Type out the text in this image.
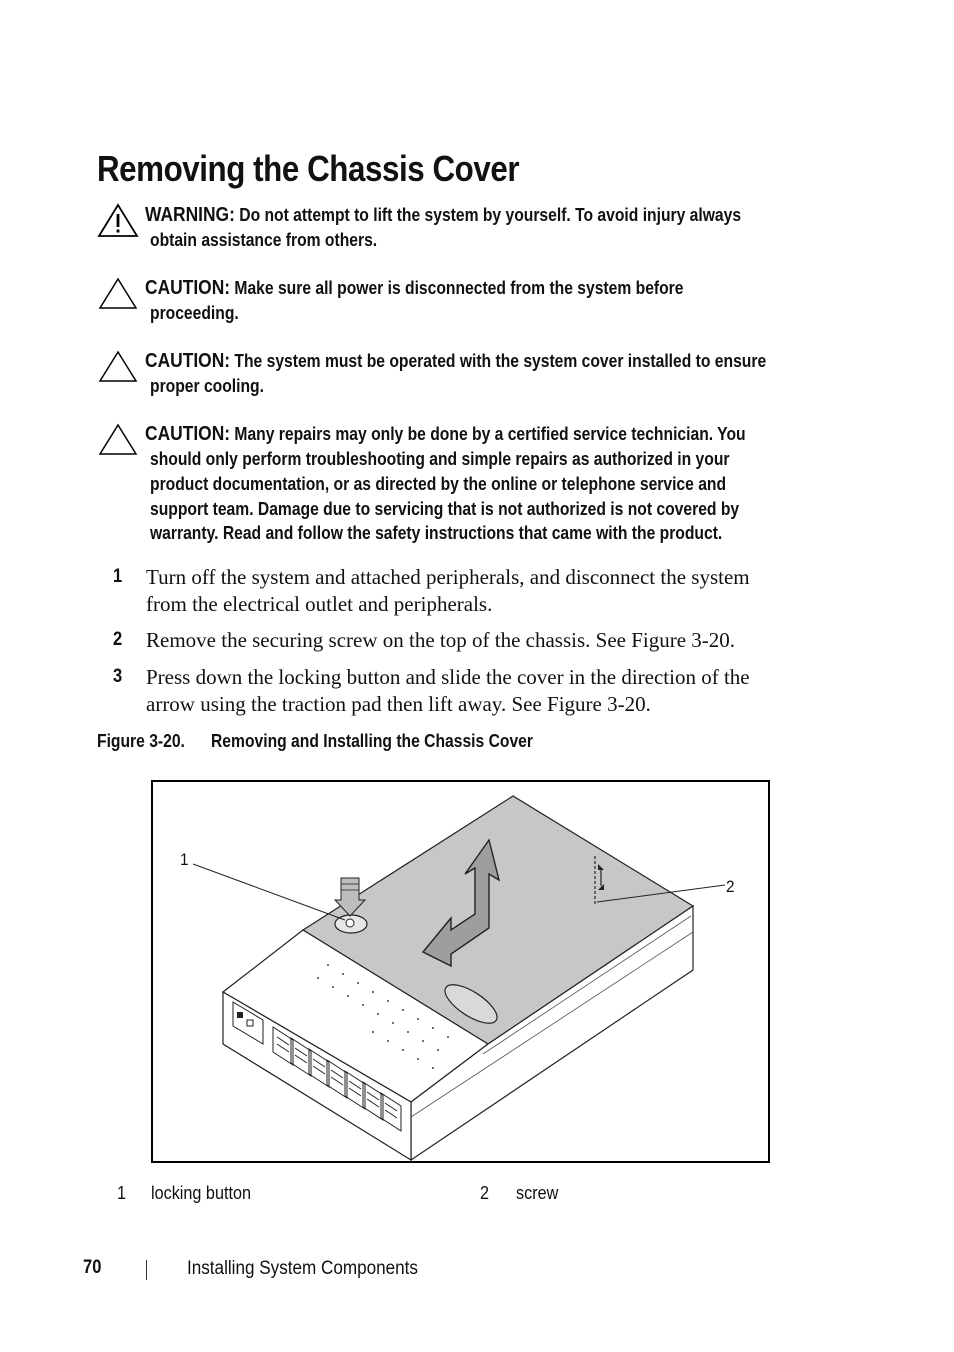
Removing the Chassis Cover
WARNING: Do not attempt to lift the system by yourself. To avoid injury always
obtain assistance from others.
CAUTION: Make sure all power is disconnected from the system before
proceeding.
CAUTION: The system must be operated with the system cover installed to ensure
proper cooling.
CAUTION: Many repairs may only be done by a certified service technician. You
should only perform troubleshooting and simple repairs as authorized in your
product documentation, or as directed by the online or telephone service and
support team. Damage due to servicing that is not authorized is not covered by
warranty. Read and follow the safety instructions that came with the product.
1 Turn off the system and attached peripherals, and disconnect the system
from the electrical outlet and peripherals.
2 Remove the securing screw on the top of the chassis. See Figure 3-20.
3 Press down the locking button and slide the cover in the direction of the
arrow using the traction pad then lift away. See Figure 3-20.
Figure 3-20. Removing and Installing the Chassis Cover
1
2
1 locking button	2 screw
70	Installing System Components
